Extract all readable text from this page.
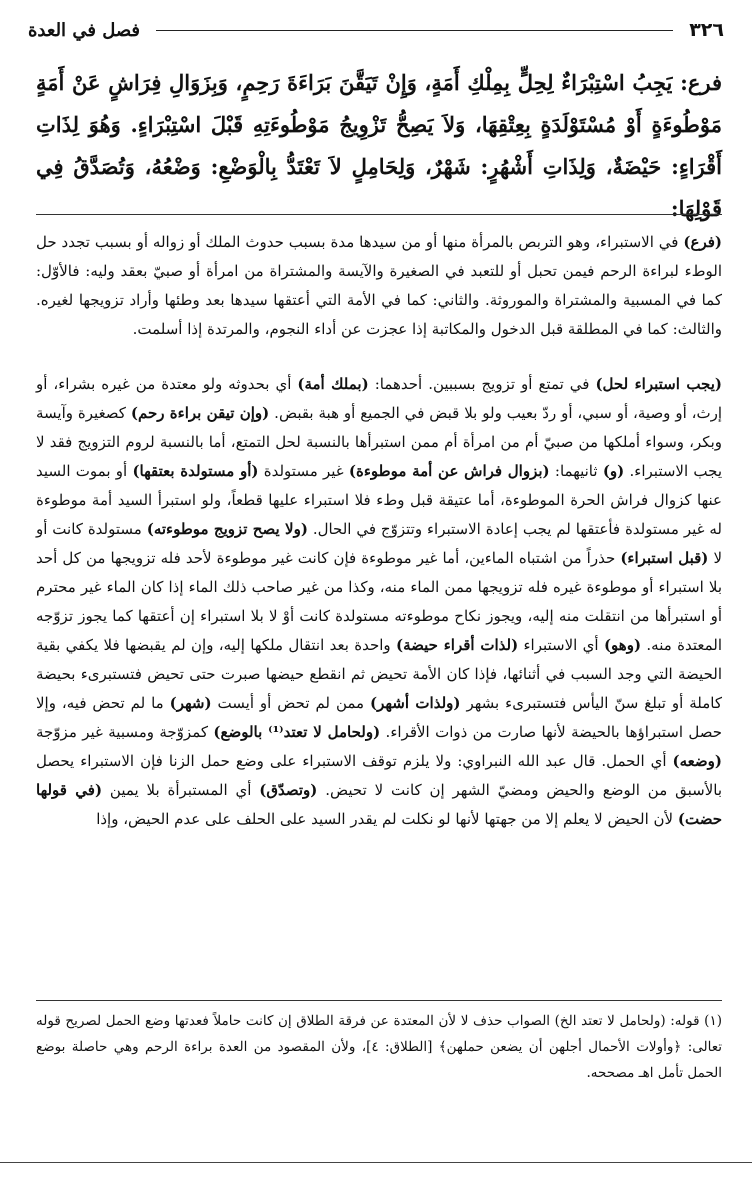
٣٢٦
فصل في العدة
فرع: يَجِبُ اسْتِبْرَاءٌ لِحِلٍّ بِمِلْكِ أَمَةٍ، وَإِنْ تَيَقَّنَ بَرَاءَةَ رَحِمٍ، وَبِزَوَالِ فِرَاشٍ عَنْ أَمَةٍ مَوْطُوءَةٍ أَوْ مُسْتَوْلَدَةٍ بِعِتْقِهَا، وَلاَ يَصِحُّ تَزْوِيجُ مَوْطُوءَتِهِ قَبْلَ اسْتِبْرَاءٍ. وَهُوَ لِذَاتِ أَقْرَاءٍ: حَيْضَةٌ، وَلِذَاتِ أَشْهُرٍ: شَهْرٌ، وَلِحَامِلٍ لاَ تَعْتَدُّ بِالْوَضْعِ: وَضْعُهُ، وَتُصَدَّقُ فِي قَوْلِهَا:
(فرع) في الاستبراء، وهو التربص بالمرأة منها أو من سيدها مدة بسبب حدوث الملك أو زواله أو بسبب تجدد حل الوطء لبراءة الرحم فيمن تحبل أو للتعبد في الصغيرة والآيسة والمشتراة من امرأة أو صبيّ بعقد وليه: فالأوّل: كما في المسبية والمشتراة والموروثة. والثاني: كما في الأمة التي أعتقها سيدها بعد وطئها وأراد تزويجها لغيره. والثالث: كما في المطلقة قبل الدخول والمكاتبة إذا عجزت عن أداء النجوم، والمرتدة إذا أسلمت.
(يجب استبراء لحل) في تمتع أو تزويج بسببين. أحدهما: (بملك أمة) أي بحدوثه ولو معتدة من غيره بشراء، أو إرث، أو وصية، أو سبي، أو ردّ بعيب ولو بلا قبض في الجميع أو هبة بقبض. (وإن تيقن براءة رحم) كصغيرة وآيسة وبكر، وسواء أملكها من صبيّ أم من امرأة أم ممن استبرأها بالنسبة لحل التمتع، أما بالنسبة لروم التزويج فقد لا يجب الاستبراء. (و) ثانيهما: (بزوال فراش عن أمة موطوءة) غير مستولدة (أو مستولدة بعتقها) أو بموت السيد عنها كزوال فراش الحرة الموطوءة، أما عتيقة قبل وطء فلا استبراء عليها قطعاً، ولو استبرأ السيد أمة موطوءة له غير مستولدة فأعتقها لم يجب إعادة الاستبراء وتتزوّج في الحال. (ولا يصح تزويج موطوءته) مستولدة كانت أو لا (قبل استبراء) حذراً من اشتباه الماءين، أما غير موطوءة فإن كانت غير موطوءة لأحد فله تزويجها من كل أحد بلا استبراء أو موطوءة غيره فله تزويجها ممن الماء منه، وكذا من غير صاحب ذلك الماء إذا كان الماء غير محترم أو استبرأها من انتقلت منه إليه، ويجوز نكاح موطوءته مستولدة كانت أوْ لا بلا استبراء إن أعتقها كما يجوز تزوّجه المعتدة منه. (وهو) أي الاستبراء (لذات أقراء حيضة) واحدة بعد انتقال ملكها إليه، وإن لم يقبضها فلا يكفي بقية الحيضة التي وجد السبب في أثنائها، فإذا كان الأمة تحيض ثم انقطع حيضها صبرت حتى تحيض فتستبرىء بحيضة كاملة أو تبلغ سنّ اليأس فتستبرىء بشهر (ولذات أشهر) ممن لم تحض أو أيست (شهر) ما لم تحض فيه، وإلا حصل استبراؤها بالحيضة لأنها صارت من ذوات الأقراء. (ولحامل لا تعتد⁽¹⁾ بالوضع) كمزوّجة ومسبية غير مزوّجة (وضعه) أي الحمل. قال عبد الله النبراوي: ولا يلزم توقف الاستبراء على وضع حمل الزنا فإن الاستبراء يحصل بالأسبق من الوضع والحيض ومضيّ الشهر إن كانت لا تحيض. (وتصدّق) أي المستبرأة بلا يمين (في قولها حضت) لأن الحيض لا يعلم إلا من جهتها لأنها لو نكلت لم يقدر السيد على الحلف على عدم الحيض، وإذا
(١) قوله: (ولحامل لا تعتد الخ) الصواب حذف لا لأن المعتدة عن فرقة الطلاق إن كانت حاملاً فعدتها وضع الحمل لصريح قوله تعالى: ﴿وأولات الأحمال أجلهن أن يضعن حملهن﴾ [الطلاق: ٤]، ولأن المقصود من العدة براءة الرحم وهي حاصلة بوضع الحمل تأمل اهـ مصححه.
